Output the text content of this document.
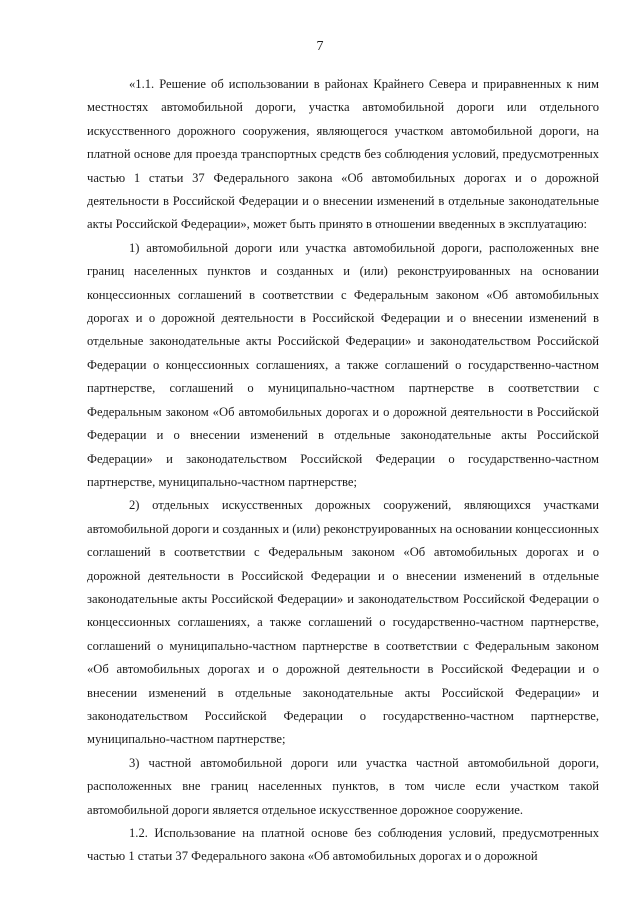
7

«1.1. Решение об использовании в районах Крайнего Севера и приравненных к ним местностях автомобильной дороги, участка автомобильной дороги или отдельного искусственного дорожного сооружения, являющегося участком автомобильной дороги, на платной основе для проезда транспортных средств без соблюдения условий, предусмотренных частью 1 статьи 37 Федерального закона «Об автомобильных дорогах и о дорожной деятельности в Российской Федерации и о внесении изменений в отдельные законодательные акты Российской Федерации», может быть принято в отношении введенных в эксплуатацию:

1) автомобильной дороги или участка автомобильной дороги, расположенных вне границ населенных пунктов и созданных и (или) реконструированных на основании концессионных соглашений в соответствии с Федеральным законом «Об автомобильных дорогах и о дорожной деятельности в Российской Федерации и о внесении изменений в отдельные законодательные акты Российской Федерации» и законодательством Российской Федерации о концессионных соглашениях, а также соглашений о государственно-частном партнерстве, соглашений о муниципально-частном партнерстве в соответствии с Федеральным законом «Об автомобильных дорогах и о дорожной деятельности в Российской Федерации и о внесении изменений в отдельные законодательные акты Российской Федерации» и законодательством Российской Федерации о государственно-частном партнерстве, муниципально-частном партнерстве;

2) отдельных искусственных дорожных сооружений, являющихся участками автомобильной дороги и созданных и (или) реконструированных на основании концессионных соглашений в соответствии с Федеральным законом «Об автомобильных дорогах и о дорожной деятельности в Российской Федерации и о внесении изменений в отдельные законодательные акты Российской Федерации» и законодательством Российской Федерации о концессионных соглашениях, а также соглашений о государственно-частном партнерстве, соглашений о муниципально-частном партнерстве в соответствии с Федеральным законом «Об автомобильных дорогах и о дорожной деятельности в Российской Федерации и о внесении изменений в отдельные законодательные акты Российской Федерации» и законодательством Российской Федерации о государственно-частном партнерстве, муниципально-частном партнерстве;

3) частной автомобильной дороги или участка частной автомобильной дороги, расположенных вне границ населенных пунктов, в том числе если участком такой автомобильной дороги является отдельное искусственное дорожное сооружение.

1.2. Использование на платной основе без соблюдения условий, предусмотренных частью 1 статьи 37 Федерального закона «Об автомобильных дорогах и о дорожной
